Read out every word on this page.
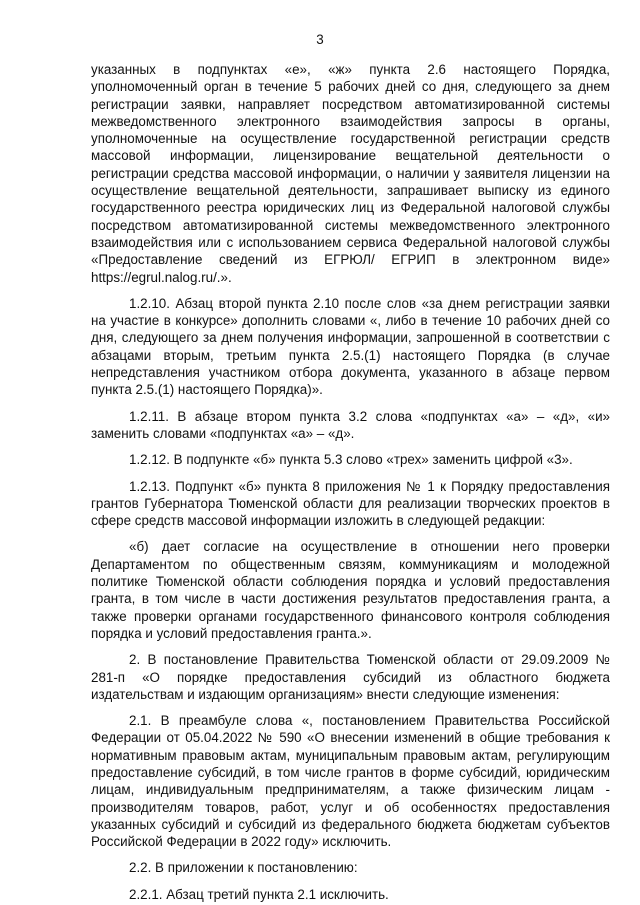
3

указанных в подпунктах «е», «ж» пункта 2.6 настоящего Порядка, уполномоченный орган в течение 5 рабочих дней со дня, следующего за днем регистрации заявки, направляет посредством автоматизированной системы межведомственного электронного взаимодействия запросы в органы, уполномоченные на осуществление государственной регистрации средств массовой информации, лицензирование вещательной деятельности о регистрации средства массовой информации, о наличии у заявителя лицензии на осуществление вещательной деятельности, запрашивает выписку из единого государственного реестра юридических лиц из Федеральной налоговой службы посредством автоматизированной системы межведомственного электронного взаимодействия или с использованием сервиса Федеральной налоговой службы «Предоставление сведений из ЕГРЮЛ/ ЕГРИП в электронном виде» https://egrul.nalog.ru/.».

1.2.10. Абзац второй пункта 2.10 после слов «за днем регистрации заявки на участие в конкурсе» дополнить словами «, либо в течение 10 рабочих дней со дня, следующего за днем получения информации, запрошенной в соответствии с абзацами вторым, третьим пункта 2.5.(1) настоящего Порядка (в случае непредставления участником отбора документа, указанного в абзаце первом пункта 2.5.(1) настоящего Порядка)».

1.2.11. В абзаце втором пункта 3.2 слова «подпунктах «а» – «д», «и» заменить словами «подпунктах «а» – «д».

1.2.12. В подпункте «б» пункта 5.3 слово «трех» заменить цифрой «3».

1.2.13. Подпункт «б» пункта 8 приложения № 1 к Порядку предоставления грантов Губернатора Тюменской области для реализации творческих проектов в сфере средств массовой информации изложить в следующей редакции:

«б) дает согласие на осуществление в отношении него проверки Департаментом по общественным связям, коммуникациям и молодежной политике Тюменской области соблюдения порядка и условий предоставления гранта, в том числе в части достижения результатов предоставления гранта, а также проверки органами государственного финансового контроля соблюдения порядка и условий предоставления гранта.».

2. В постановление Правительства Тюменской области от 29.09.2009 № 281-п «О порядке предоставления субсидий из областного бюджета издательствам и издающим организациям» внести следующие изменения:

2.1. В преамбуле слова «, постановлением Правительства Российской Федерации от 05.04.2022 № 590 «О внесении изменений в общие требования к нормативным правовым актам, муниципальным правовым актам, регулирующим предоставление субсидий, в том числе грантов в форме субсидий, юридическим лицам, индивидуальным предпринимателям, а также физическим лицам - производителям товаров, работ, услуг и об особенностях предоставления указанных субсидий и субсидий из федерального бюджета бюджетам субъектов Российской Федерации в 2022 году» исключить.

2.2. В приложении к постановлению:

2.2.1. Абзац третий пункта 2.1 исключить.
